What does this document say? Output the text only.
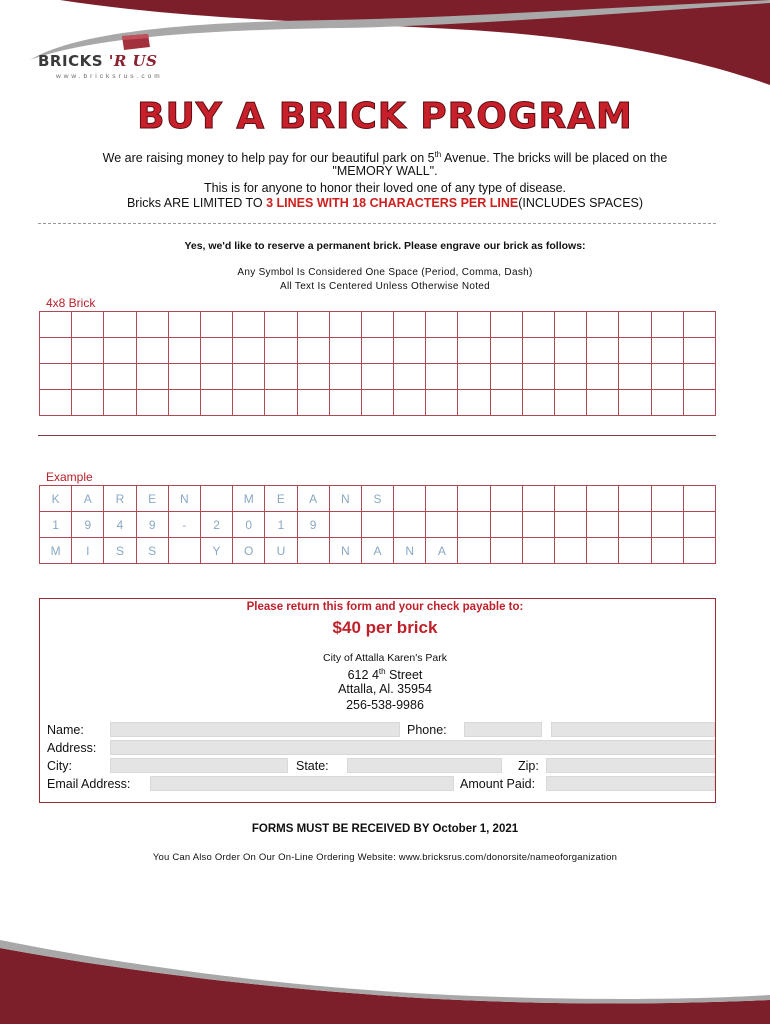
BRICKS 'R US
www.bricksrus.com
BUY A BRICK PROGRAM
We are raising money to help pay for our beautiful park on 5th Avenue. The bricks will be placed on the
"MEMORY WALL".
This is for anyone to honor their loved one of any type of disease.
Bricks ARE LIMITED TO 3 LINES WITH 18 CHARACTERS PER LINE(INCLUDES SPACES)
Yes, we'd like to reserve a permanent brick. Please engrave our brick as follows:
Any Symbol Is Considered One Space (Period, Comma, Dash)
All Text Is Centered Unless Otherwise Noted
4x8 Brick

Example
K	A	R	E	N		M	E	A	N	S										
1	9	4	9	-	2	0	1	9												
M	I	S	S		Y	O	U		N	A	N	A								
Please return this form and your check payable to:
$40 per brick
City of Attalla Karen's Park
612 4th Street
Attalla, Al. 35954
256-538-9986
Name:	Phone:
Address:
City:	State:	Zip:
Email Address:	Amount Paid:
FORMS MUST BE RECEIVED BY October 1, 2021
You Can Also Order On Our On-Line Ordering Website: www.bricksrus.com/donorsite/nameoforganization
